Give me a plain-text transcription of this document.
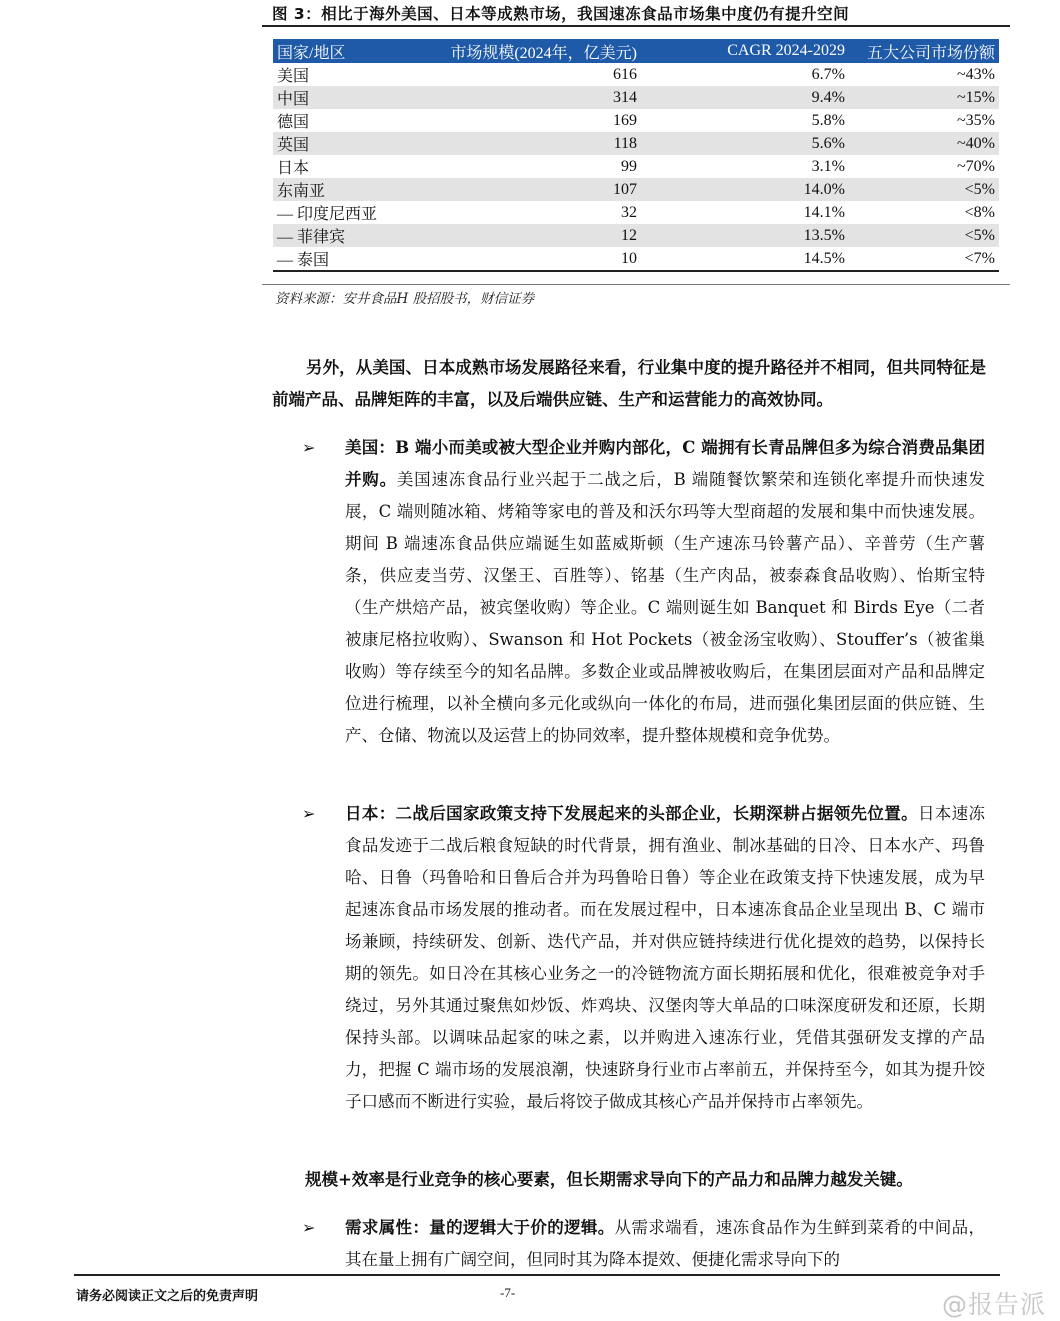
图 3：相比于海外美国、日本等成熟市场，我国速冻食品市场集中度仍有提升空间
国家/地区	市场规模(2024年，亿美元)	CAGR 2024-2029	五大公司市场份额
美国	616	6.7%	~43%
中国	314	9.4%	~15%
德国	169	5.8%	~35%
英国	118	5.6%	~40%
日本	99	3.1%	~70%
东南亚	107	14.0%	<5%
— 印度尼西亚	32	14.1%	<8%
— 菲律宾	12	13.5%	<5%
— 泰国	10	14.5%	<7%
资料来源：安井食品H 股招股书，财信证券
另外，从美国、日本成熟市场发展路径来看，行业集中度的提升路径并不相同，但共同特征是前端产品、品牌矩阵的丰富，以及后端供应链、生产和运营能力的高效协同。
➢ 美国：B 端小而美或被大型企业并购内部化，C 端拥有长青品牌但多为综合消费品集团并购。美国速冻食品行业兴起于二战之后，B 端随餐饮繁荣和连锁化率提升而快速发展，C 端则随冰箱、烤箱等家电的普及和沃尔玛等大型商超的发展和集中而快速发展。期间 B 端速冻食品供应端诞生如蓝威斯顿（生产速冻马铃薯产品）、辛普劳（生产薯条，供应麦当劳、汉堡王、百胜等）、铭基（生产肉品，被泰森食品收购）、怡斯宝特（生产烘焙产品，被宾堡收购）等企业。C 端则诞生如 Banquet 和 Birds Eye（二者被康尼格拉收购）、Swanson 和 Hot Pockets（被金汤宝收购）、Stouffer’s（被雀巢收购）等存续至今的知名品牌。多数企业或品牌被收购后，在集团层面对产品和品牌定位进行梳理，以补全横向多元化或纵向一体化的布局，进而强化集团层面的供应链、生产、仓储、物流以及运营上的协同效率，提升整体规模和竞争优势。
➢ 日本：二战后国家政策支持下发展起来的头部企业，长期深耕占据领先位置。日本速冻食品发迹于二战后粮食短缺的时代背景，拥有渔业、制冰基础的日冷、日本水产、玛鲁哈、日鲁（玛鲁哈和日鲁后合并为玛鲁哈日鲁）等企业在政策支持下快速发展，成为早起速冻食品市场发展的推动者。而在发展过程中，日本速冻食品企业呈现出 B、C 端市场兼顾，持续研发、创新、迭代产品，并对供应链持续进行优化提效的趋势，以保持长期的领先。如日冷在其核心业务之一的冷链物流方面长期拓展和优化，很难被竞争对手绕过，另外其通过聚焦如炒饭、炸鸡块、汉堡肉等大单品的口味深度研发和还原，长期保持头部。以调味品起家的味之素，以并购进入速冻行业，凭借其强研发支撑的产品力，把握 C 端市场的发展浪潮，快速跻身行业市占率前五，并保持至今，如其为提升饺子口感而不断进行实验，最后将饺子做成其核心产品并保持市占率领先。
规模+效率是行业竞争的核心要素，但长期需求导向下的产品力和品牌力越发关键。
➢ 需求属性：量的逻辑大于价的逻辑。从需求端看，速冻食品作为生鲜到菜肴的中间品，其在量上拥有广阔空间，但同时其为降本提效、便捷化需求导向下的
请务必阅读正文之后的免责声明	-7-	@报告派
